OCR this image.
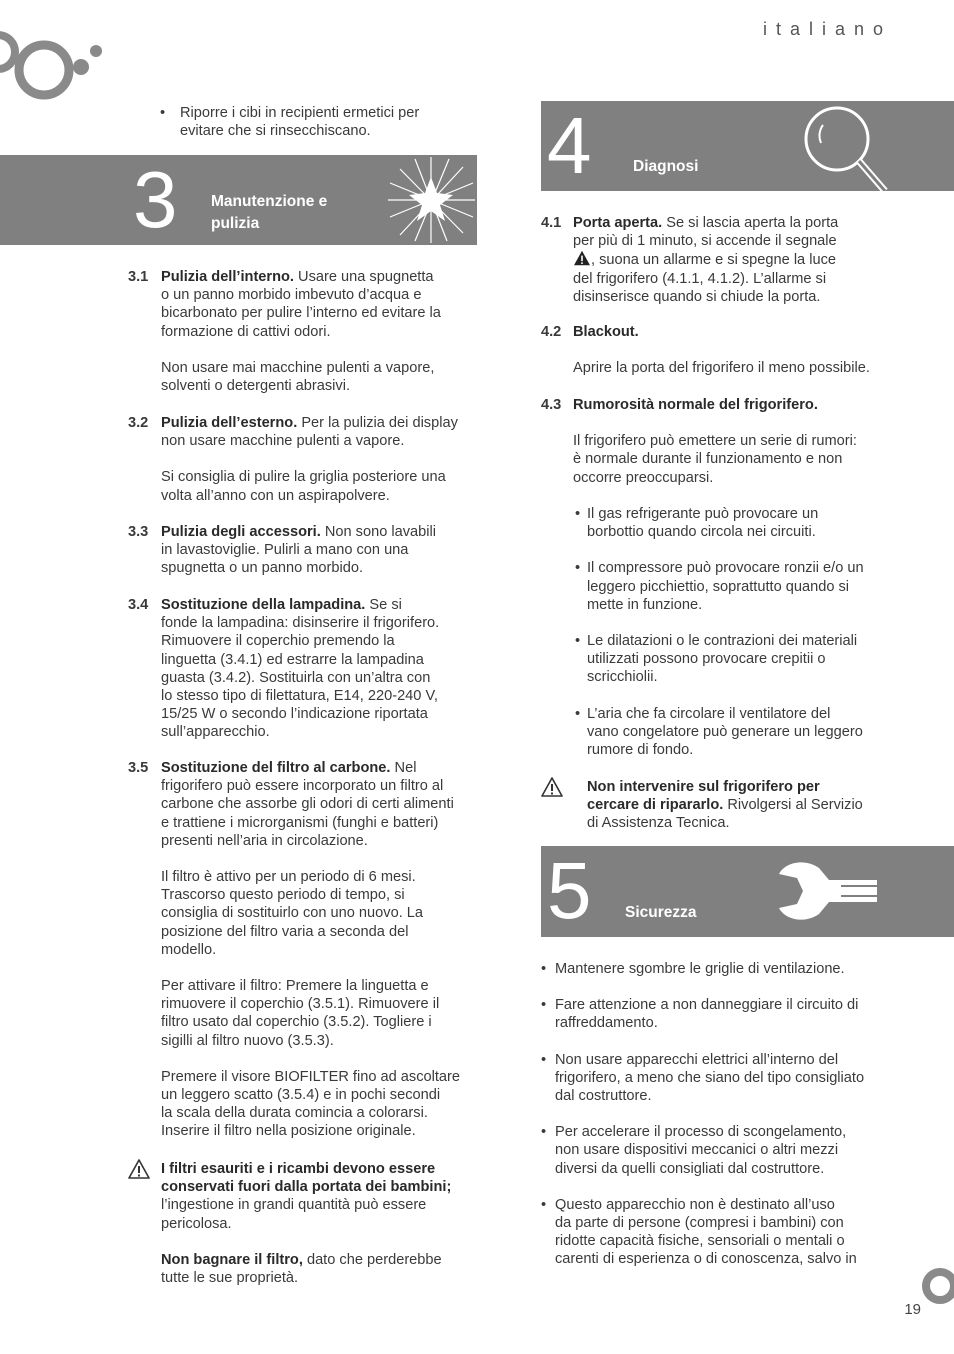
italiano
• Riporre i cibi in recipienti ermetici per evitare che si rinsecchiscano.
3 Manutenzione e
pulizia
3.1 Pulizia dell’interno. Usare una spugnetta

o un panno morbido imbevuto d’acqua e

bicarbonato per pulire l’interno ed evitare la

formazione di cattivi odori.

Non usare mai macchine pulenti a vapore,

solventi o detergenti abrasivi.

3.2 Pulizia dell’esterno. Per la pulizia dei display

non usare macchine pulenti a vapore.

Si consiglia di pulire la griglia posteriore una

volta all’anno con un aspirapolvere.

3.3 Pulizia degli accessori. Non sono lavabili

in lavastoviglie. Pulirli a mano con una

spugnetta o un panno morbido.

3.4 Sostituzione della lampadina. Se si

fonde la lampadina: disinserire il frigorifero.

Rimuovere il coperchio premendo la

linguetta (3.4.1) ed estrarre la lampadina

guasta (3.4.2). Sostituirla con un’altra con

lo stesso tipo di filettatura, E14, 220-240 V,

15/25 W o secondo l’indicazione riportata

sull’apparecchio.

3.5 Sostituzione del filtro al carbone. Nel

frigorifero può essere incorporato un filtro al

carbone che assorbe gli odori di certi alimenti

e trattiene i microrganismi (funghi e batteri)

presenti nell’aria in circolazione.

Il filtro è attivo per un periodo di 6 mesi.

Trascorso questo periodo di tempo, si

consiglia di sostituirlo con uno nuovo. La

posizione del filtro varia a seconda del

modello.

Per attivare il filtro: Premere la linguetta e

rimuovere il coperchio (3.5.1). Rimuovere il

filtro usato dal coperchio (3.5.2). Togliere i

sigilli al filtro nuovo (3.5.3).

Premere il visore BIOFILTER fino ad ascoltare

un leggero scatto (3.5.4) e in pochi secondi

la scala della durata comincia a colorarsi.

Inserire il filtro nella posizione originale.

I filtri esauriti e i ricambi devono essere

conservati fuori dalla portata dei bambini;

l’ingestione in grandi quantità può essere

pericolosa.

Non bagnare il filtro, dato che perderebbe

tutte le sue proprietà.

4	Diagnosi
4.1 Porta aperta. Se si lascia aperta la porta

per più di 1 minuto, si accende il segnale

, suona un allarme e si spegne la luce

del frigorifero (4.1.1, 4.1.2). L’allarme si

disinserisce quando si chiude la porta.

4.2 Blackout.

Aprire la porta del frigorifero il meno possibile.

4.3 Rumorosità normale del frigorifero.

Il frigorifero può emettere un serie di rumori:

è normale durante il funzionamento e non

occorre preoccuparsi.

• Il gas refrigerante può provocare un

borbottio quando circola nei circuiti.

• Il compressore può provocare ronzii e/o un

leggero picchiettio, soprattutto quando si

mette in funzione.

• Le dilatazioni o le contrazioni dei materiali

utilizzati possono provocare crepitii o

scricchiolii.

• L’aria che fa circolare il ventilatore del

vano congelatore può generare un leggero

rumore di fondo.

Non intervenire sul frigorifero per

cercare di ripararlo. Rivolgersi al Servizio

di Assistenza Tecnica.

5 Sicurezza

• Mantenere sgombre le griglie di ventilazione.

• Fare attenzione a non danneggiare il circuito di

raffreddamento.

• Non usare apparecchi elettrici all’interno del

frigorifero, a meno che siano del tipo consigliato

dal costruttore.

• Per accelerare il processo di scongelamento,

non usare dispositivi meccanici o altri mezzi

diversi da quelli consigliati dal costruttore.

• Questo apparecchio non è destinato all’uso

da parte di persone (compresi i bambini) con

ridotte capacità fisiche, sensoriali o mentali o

carenti di esperienza o di conoscenza, salvo in

19
